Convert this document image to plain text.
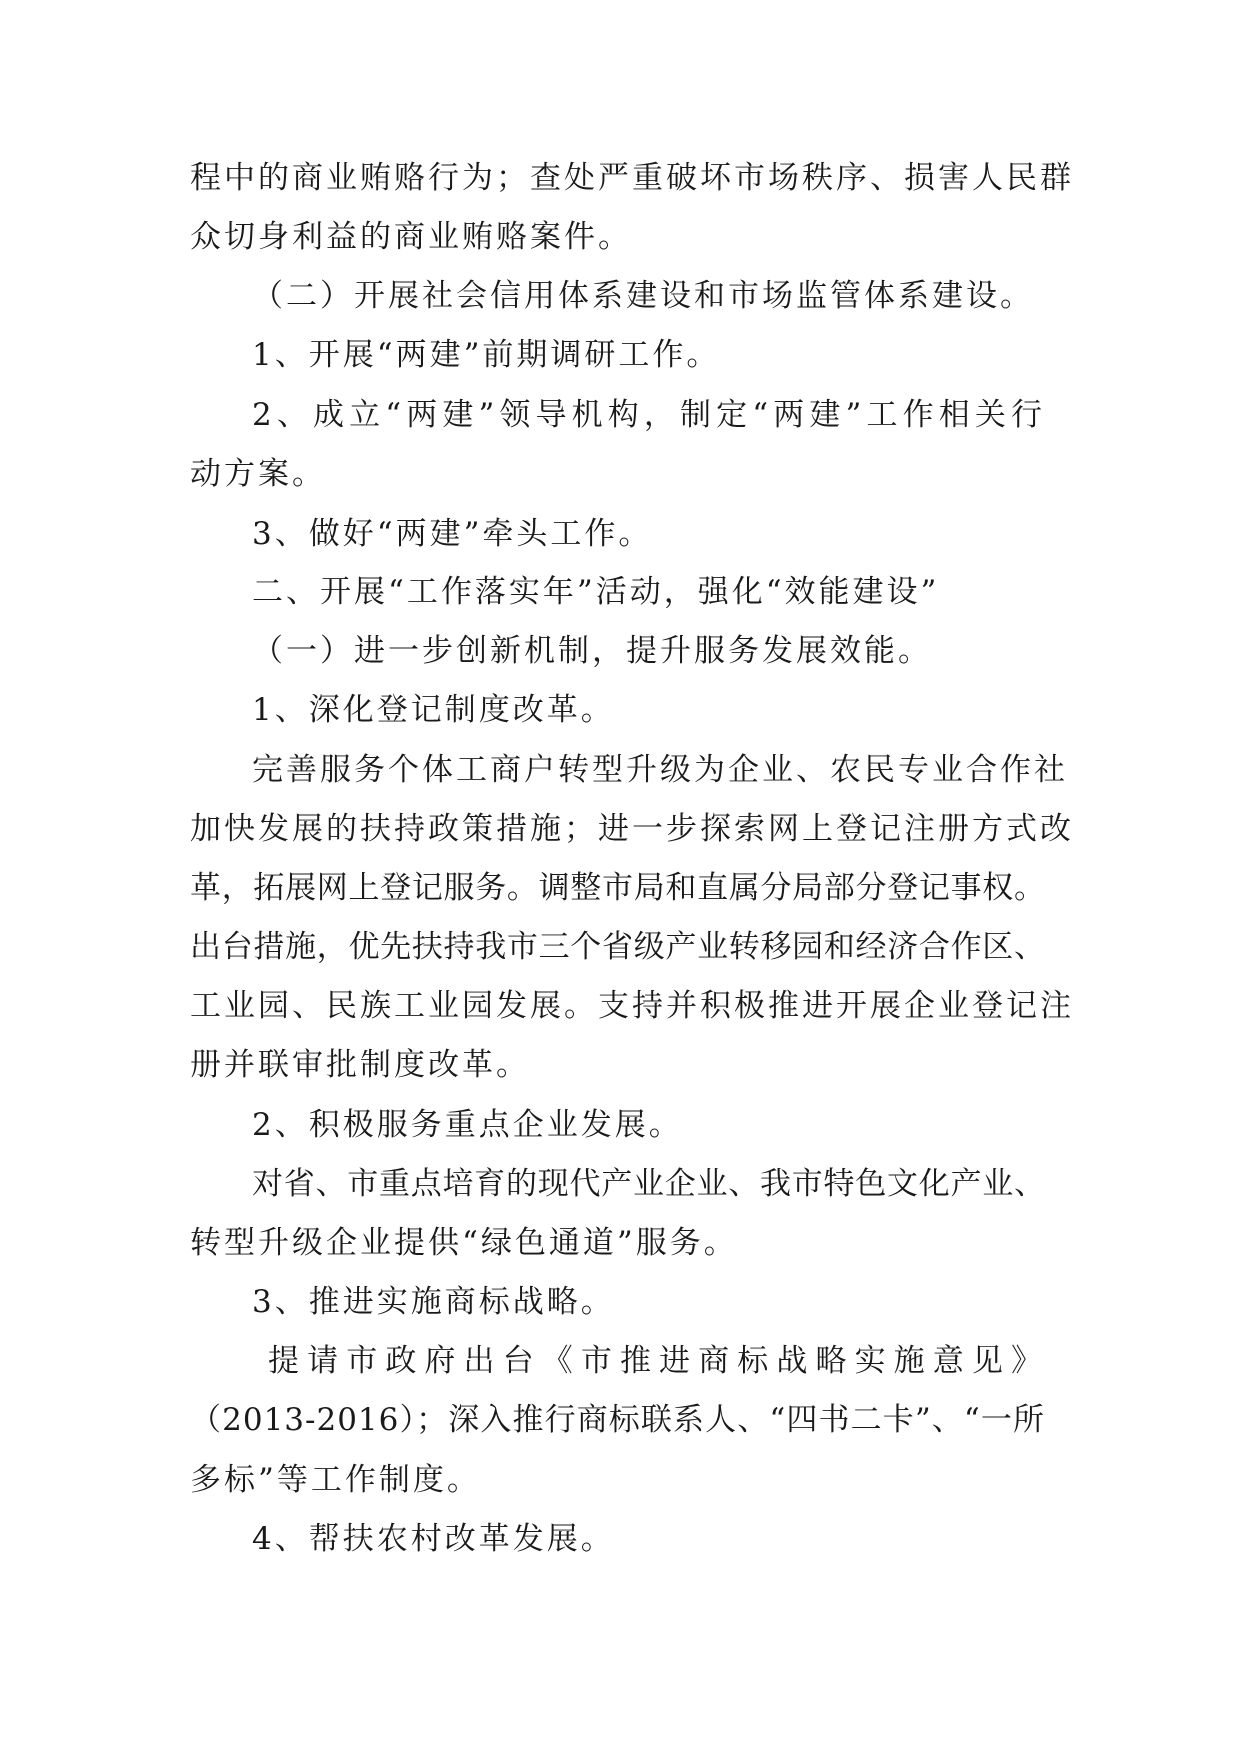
程中的商业贿赂行为；查处严重破坏市场秩序、损害人民群
众切身利益的商业贿赂案件。
（二）开展社会信用体系建设和市场监管体系建设。
1、开展“两建”前期调研工作。
2、成立“两建”领导机构，制定“两建”工作相关行
动方案。
3、做好“两建”牵头工作。
二、开展“工作落实年”活动，强化“效能建设”
（一）进一步创新机制，提升服务发展效能。
1、深化登记制度改革。
完善服务个体工商户转型升级为企业、农民专业合作社
加快发展的扶持政策措施；进一步探索网上登记注册方式改
革，拓展网上登记服务。调整市局和直属分局部分登记事权。
出台措施，优先扶持我市三个省级产业转移园和经济合作区、
工业园、民族工业园发展。支持并积极推进开展企业登记注
册并联审批制度改革。
2、积极服务重点企业发展。
对省、市重点培育的现代产业企业、我市特色文化产业、
转型升级企业提供“绿色通道”服务。
3、推进实施商标战略。
提请市政府出台《市推进商标战略实施意见》
（2013-2016）；深入推行商标联系人、“四书二卡”、“一所
多标”等工作制度。
4、帮扶农村改革发展。
